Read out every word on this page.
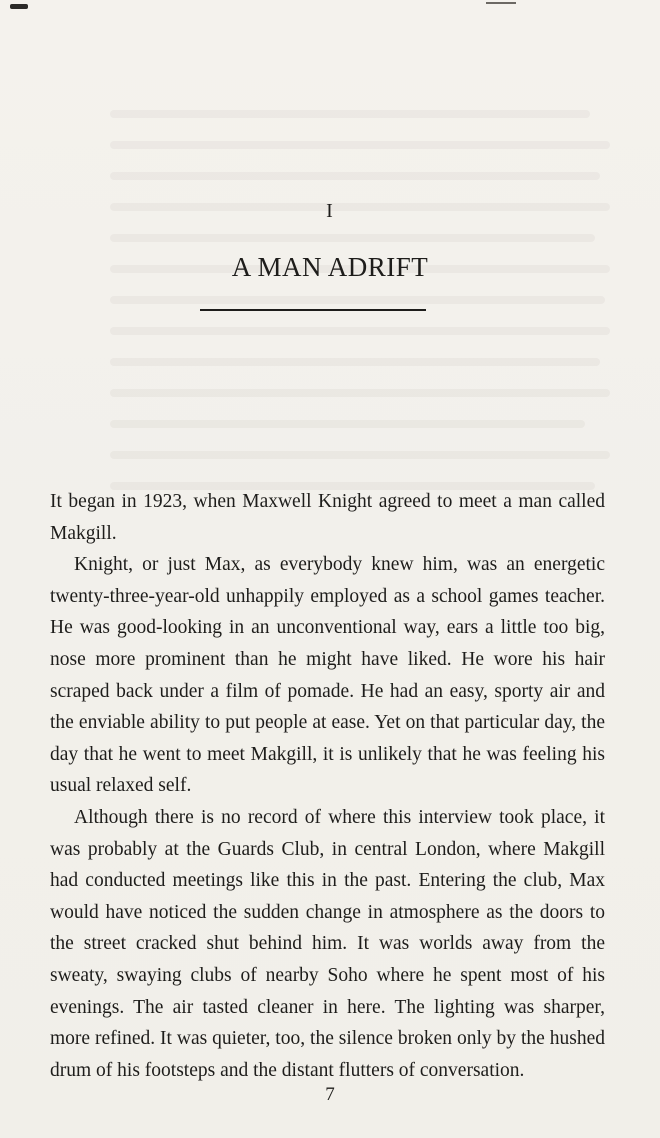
I
A MAN ADRIFT

It began in 1923, when Maxwell Knight agreed to meet a man called Makgill.

Knight, or just Max, as everybody knew him, was an energetic twenty-three-year-old unhappily employed as a school games teacher. He was good-looking in an unconventional way, ears a little too big, nose more prominent than he might have liked. He wore his hair scraped back under a film of pomade. He had an easy, sporty air and the enviable ability to put people at ease. Yet on that particular day, the day that he went to meet Makgill, it is unlikely that he was feeling his usual relaxed self.

Although there is no record of where this interview took place, it was probably at the Guards Club, in central London, where Makgill had conducted meetings like this in the past. Entering the club, Max would have noticed the sudden change in atmosphere as the doors to the street cracked shut behind him. It was worlds away from the sweaty, swaying clubs of nearby Soho where he spent most of his evenings. The air tasted cleaner in here. The lighting was sharper, more refined. It was quieter, too, the silence broken only by the hushed drum of his footsteps and the distant flutters of conversation.

7
